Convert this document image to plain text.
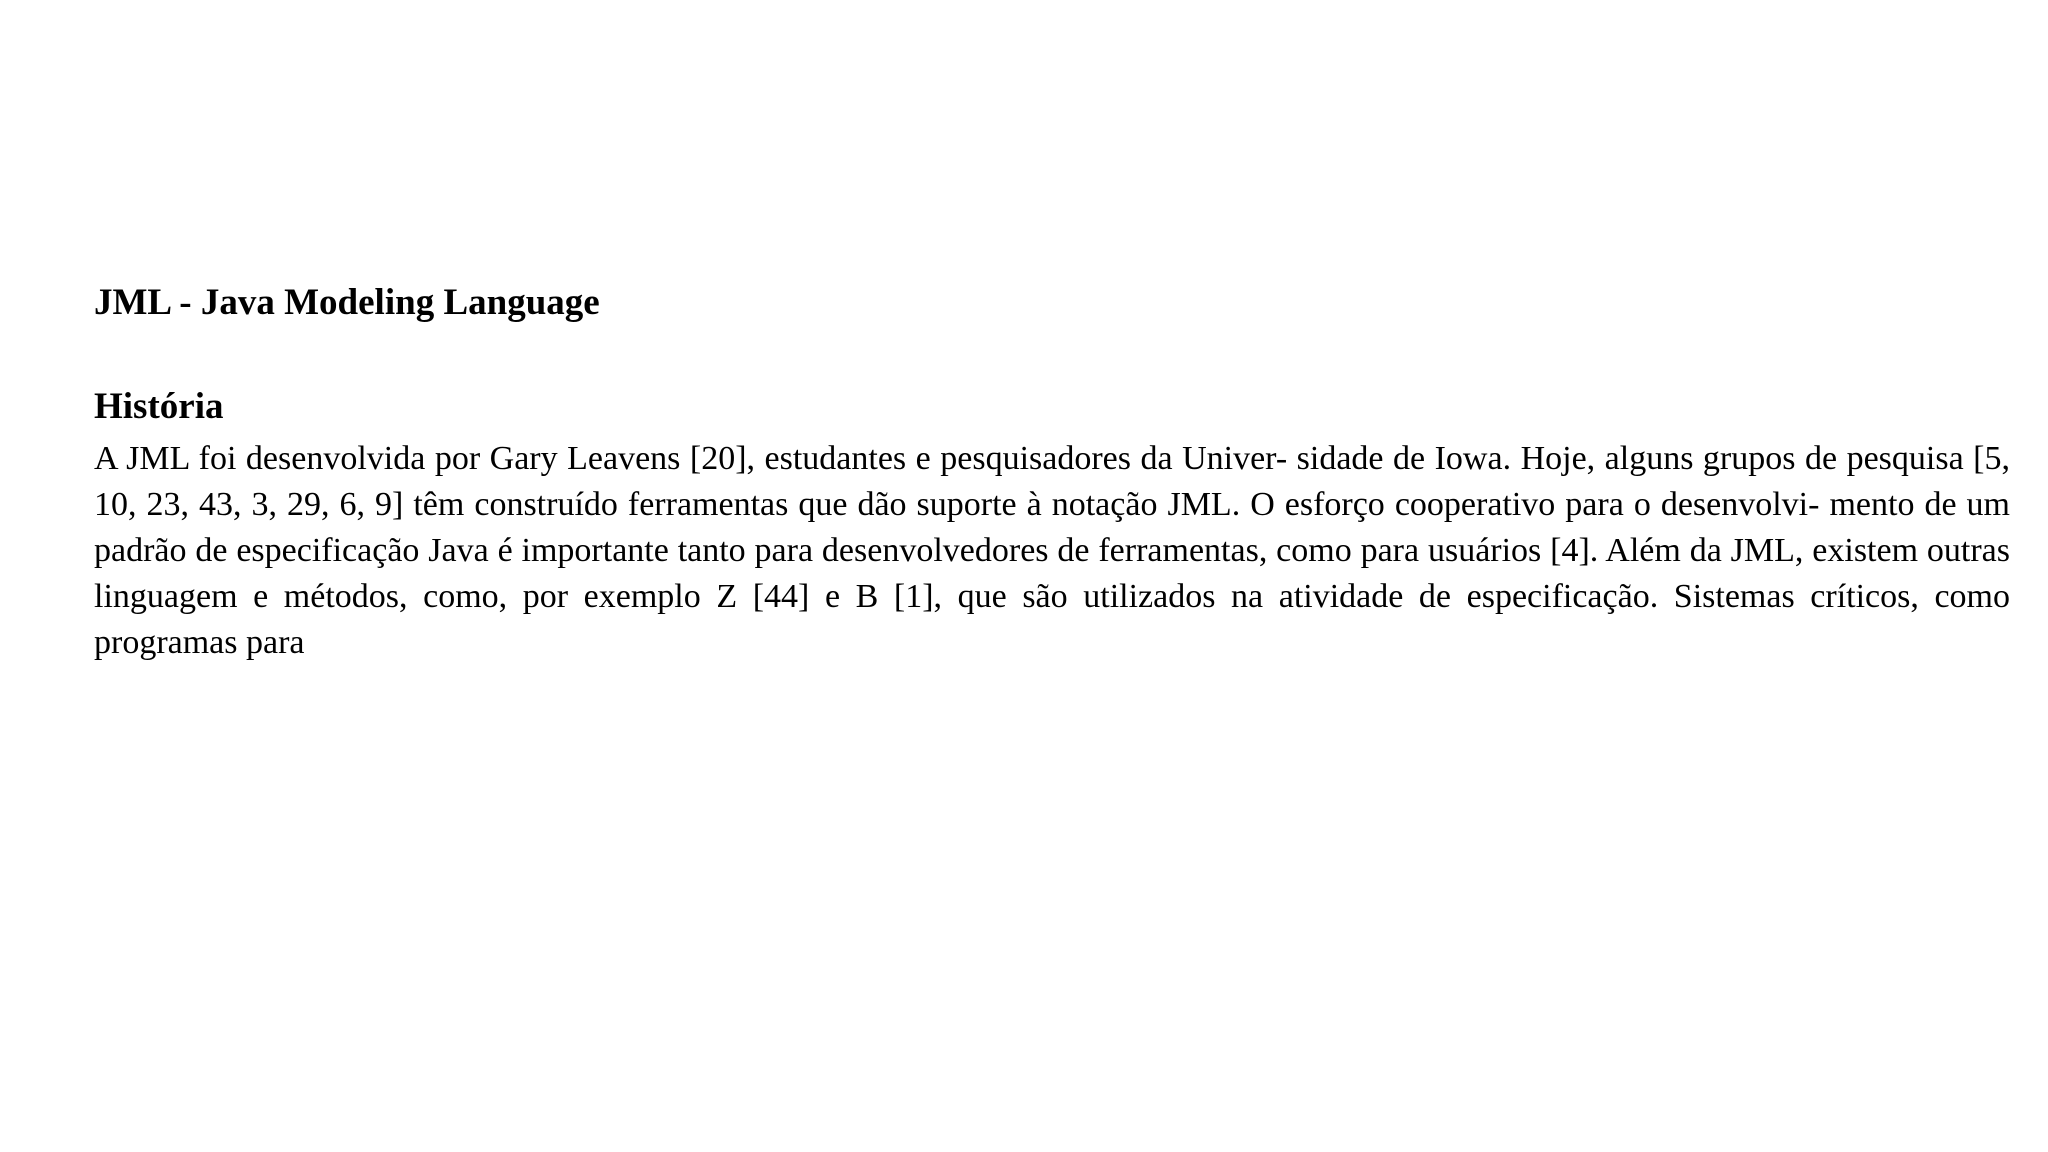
JML - Java Modeling Language
História

A JML foi desenvolvida por Gary Leavens [20], estudantes e pesquisadores da Univer- sidade de Iowa. Hoje, alguns grupos de pesquisa [5, 10, 23, 43, 3, 29, 6, 9] têm construído ferramentas que dão suporte à notação JML. O esforço cooperativo para o desenvolvi- mento de um padrão de especificação Java é importante tanto para desenvolvedores de ferramentas, como para usuários [4]. Além da JML, existem outras linguagem e métodos, como, por exemplo Z [44] e B [1], que são utilizados na atividade de especificação. Sistemas críticos, como programas para
